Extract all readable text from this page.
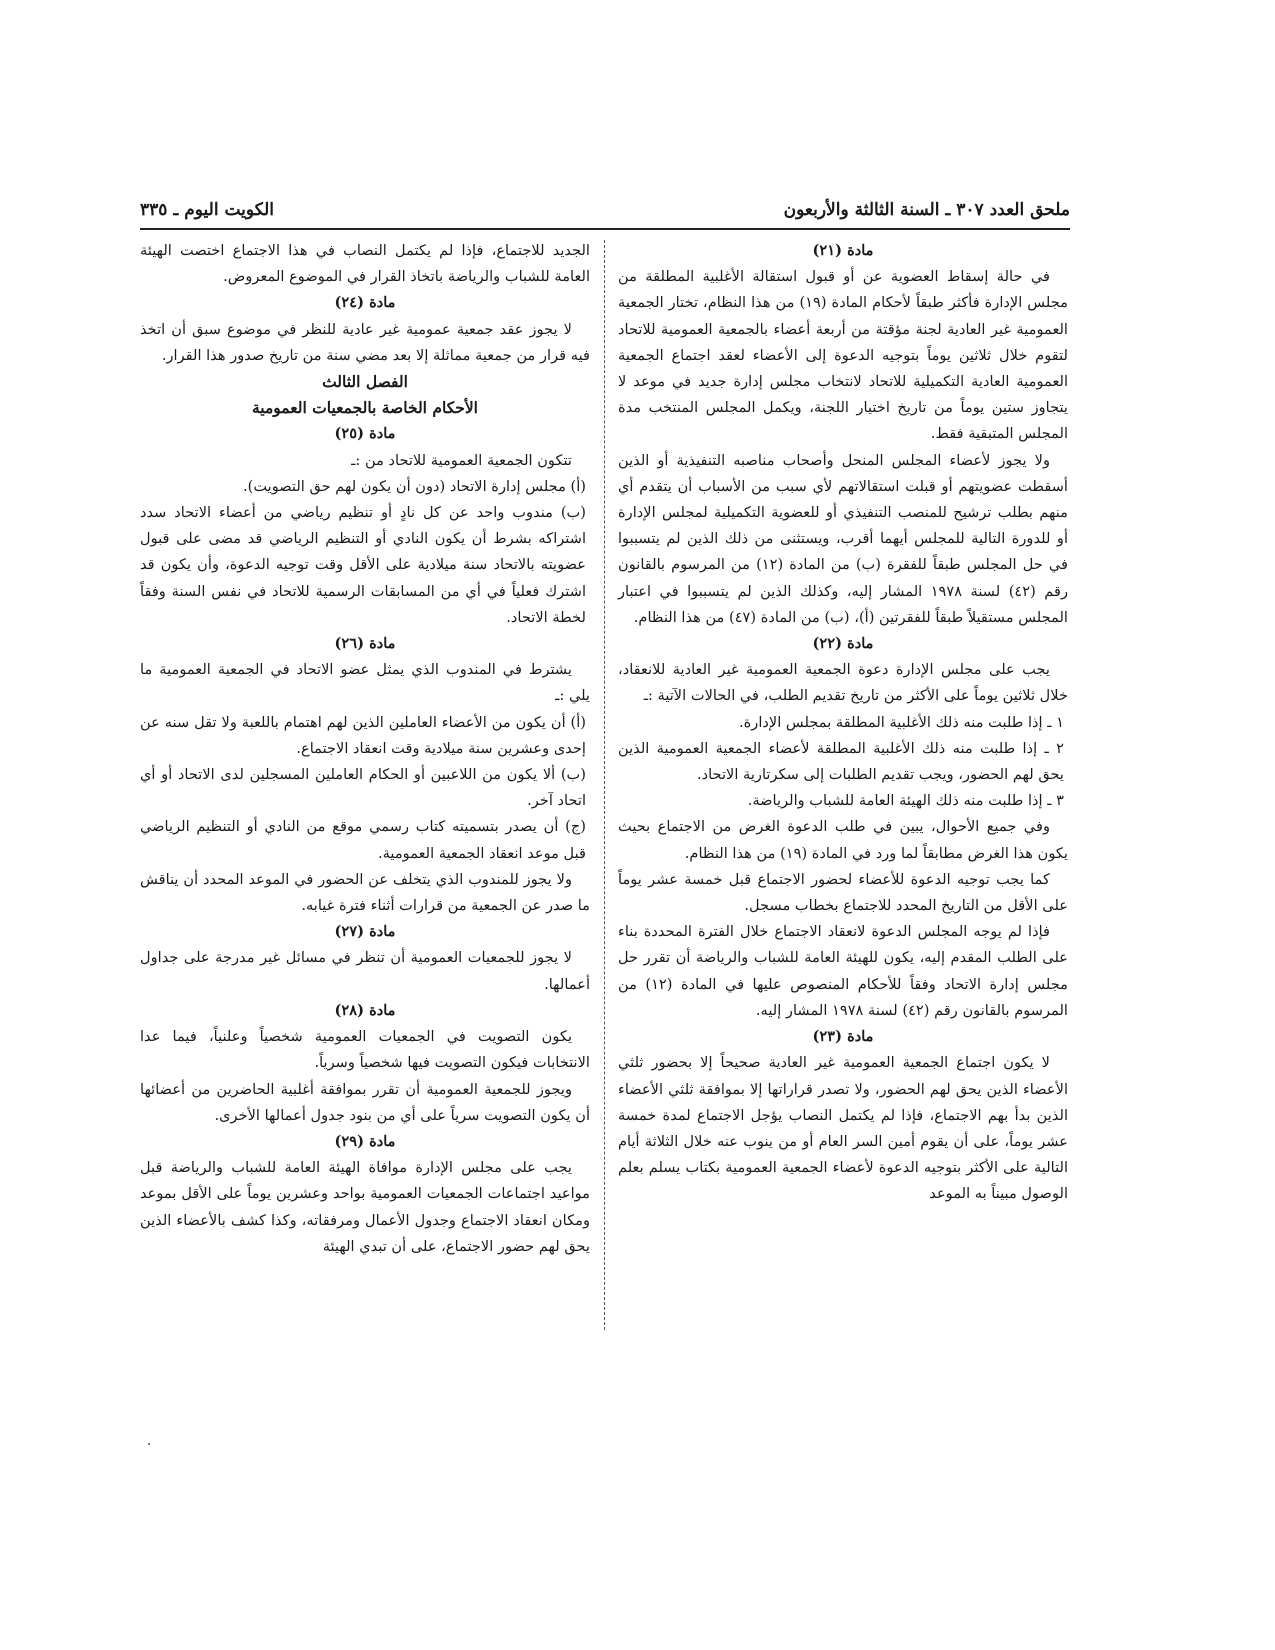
ملحق العدد ٣٠٧ ـ السنة الثالثة والأربعون
الكويت اليوم ـ ٣٣٥

مادة (٢١)

في حالة إسقاط العضوية عن أو قبول استقالة الأغلبية المطلقة من مجلس الإدارة فأكثر طبقاً لأحكام المادة (١٩) من هذا النظام، تختار الجمعية العمومية غير العادية لجنة مؤقتة من أربعة أعضاء بالجمعية العمومية للاتحاد لتقوم خلال ثلاثين يوماً بتوجيه الدعوة إلى الأعضاء لعقد اجتماع الجمعية العمومية العادية التكميلية للاتحاد لانتخاب مجلس إدارة جديد في موعد لا يتجاوز ستين يوماً من تاريخ اختيار اللجنة، ويكمل المجلس المنتخب مدة المجلس المتبقية فقط.

ولا يجوز لأعضاء المجلس المنحل وأصحاب مناصبه التنفيذية أو الذين أسقطت عضويتهم أو قبلت استقالاتهم لأي سبب من الأسباب أن يتقدم أي منهم بطلب ترشيح للمنصب التنفيذي أو للعضوية التكميلية لمجلس الإدارة أو للدورة التالية للمجلس أيهما أقرب، ويستثنى من ذلك الذين لم يتسببوا في حل المجلس طبقاً للفقرة (ب) من المادة (١٢) من المرسوم بالقانون رقم (٤٢) لسنة ١٩٧٨ المشار إليه، وكذلك الذين لم يتسببوا في اعتبار المجلس مستقيلاً طبقاً للفقرتين (أ)، (ب) من المادة (٤٧) من هذا النظام.

مادة (٢٢)

يجب على مجلس الإدارة دعوة الجمعية العمومية غير العادية للانعقاد، خلال ثلاثين يوماً على الأكثر من تاريخ تقديم الطلب، في الحالات الآتية :ـ

١ ـ إذا طلبت منه ذلك الأغلبية المطلقة بمجلس الإدارة.

٢ ـ إذا طلبت منه ذلك الأغلبية المطلقة لأعضاء الجمعية العمومية الذين يحق لهم الحضور، ويجب تقديم الطلبات إلى سكرتارية الاتحاد.

٣ ـ إذا طلبت منه ذلك الهيئة العامة للشباب والرياضة.

وفي جميع الأحوال، يبين في طلب الدعوة الغرض من الاجتماع بحيث يكون هذا الغرض مطابقاً لما ورد في المادة (١٩) من هذا النظام.

كما يجب توجيه الدعوة للأعضاء لحضور الاجتماع قبل خمسة عشر يوماً على الأقل من التاريخ المحدد للاجتماع بخطاب مسجل.

فإذا لم يوجه المجلس الدعوة لانعقاد الاجتماع خلال الفترة المحددة بناء على الطلب المقدم إليه، يكون للهيئة العامة للشباب والرياضة أن تقرر حل مجلس إدارة الاتحاد وفقاً للأحكام المنصوص عليها في المادة (١٢) من المرسوم بالقانون رقم (٤٢) لسنة ١٩٧٨ المشار إليه.

مادة (٢٣)

لا يكون اجتماع الجمعية العمومية غير العادية صحيحاً إلا بحضور ثلثي الأعضاء الذين يحق لهم الحضور، ولا تصدر قراراتها إلا بموافقة ثلثي الأعضاء الذين بدأ بهم الاجتماع، فإذا لم يكتمل النصاب يؤجل الاجتماع لمدة خمسة عشر يوماً، على أن يقوم أمين السر العام أو من ينوب عنه خلال الثلاثة أيام التالية على الأكثر بتوجيه الدعوة لأعضاء الجمعية العمومية بكتاب يسلم بعلم الوصول مبيناً به الموعد

الجديد للاجتماع، فإذا لم يكتمل النصاب في هذا الاجتماع اختصت الهيئة العامة للشباب والرياضة باتخاذ القرار في الموضوع المعروض.

مادة (٢٤)

لا يجوز عقد جمعية عمومية غير عادية للنظر في موضوع سبق أن اتخذ فيه قرار من جمعية مماثلة إلا بعد مضي سنة من تاريخ صدور هذا القرار.

الفصل الثالث

الأحكام الخاصة بالجمعيات العمومية

مادة (٢٥)

تتكون الجمعية العمومية للاتحاد من :ـ

(أ) مجلس إدارة الاتحاد (دون أن يكون لهم حق التصويت).

(ب) مندوب واحد عن كل نادٍ أو تنظيم رياضي من أعضاء الاتحاد سدد اشتراكه بشرط أن يكون النادي أو التنظيم الرياضي قد مضى على قبول عضويته بالاتحاد سنة ميلادية على الأقل وقت توجيه الدعوة، وأن يكون قد اشترك فعلياً في أي من المسابقات الرسمية للاتحاد في نفس السنة وفقاً لخطة الاتحاد.

مادة (٢٦)

يشترط في المندوب الذي يمثل عضو الاتحاد في الجمعية العمومية ما يلي :ـ

(أ) أن يكون من الأعضاء العاملين الذين لهم اهتمام باللعبة ولا تقل سنه عن إحدى وعشرين سنة ميلادية وقت انعقاد الاجتماع.

(ب) ألا يكون من اللاعبين أو الحكام العاملين المسجلين لدى الاتحاد أو أي اتحاد آخر.

(ج) أن يصدر بتسميته كتاب رسمي موقع من النادي أو التنظيم الرياضي قبل موعد انعقاد الجمعية العمومية.

ولا يجوز للمندوب الذي يتخلف عن الحضور في الموعد المحدد أن يناقش ما صدر عن الجمعية من قرارات أثناء فترة غيابه.

مادة (٢٧)

لا يجوز للجمعيات العمومية أن تنظر في مسائل غير مدرجة على جداول أعمالها.

مادة (٢٨)

يكون التصويت في الجمعيات العمومية شخصياً وعلنياً، فيما عدا الانتخابات فيكون التصويت فيها شخصياً وسرياً.

ويجوز للجمعية العمومية أن تقرر بموافقة أغلبية الحاضرين من أعضائها أن يكون التصويت سرياً على أي من بنود جدول أعمالها الأخرى.

مادة (٢٩)

يجب على مجلس الإدارة موافاة الهيئة العامة للشباب والرياضة قبل مواعيد اجتماعات الجمعيات العمومية بواحد وعشرين يوماً على الأقل بموعد ومكان انعقاد الاجتماع وجدول الأعمال ومرفقاته، وكذا كشف بالأعضاء الذين يحق لهم حضور الاجتماع، على أن تبدي الهيئة
